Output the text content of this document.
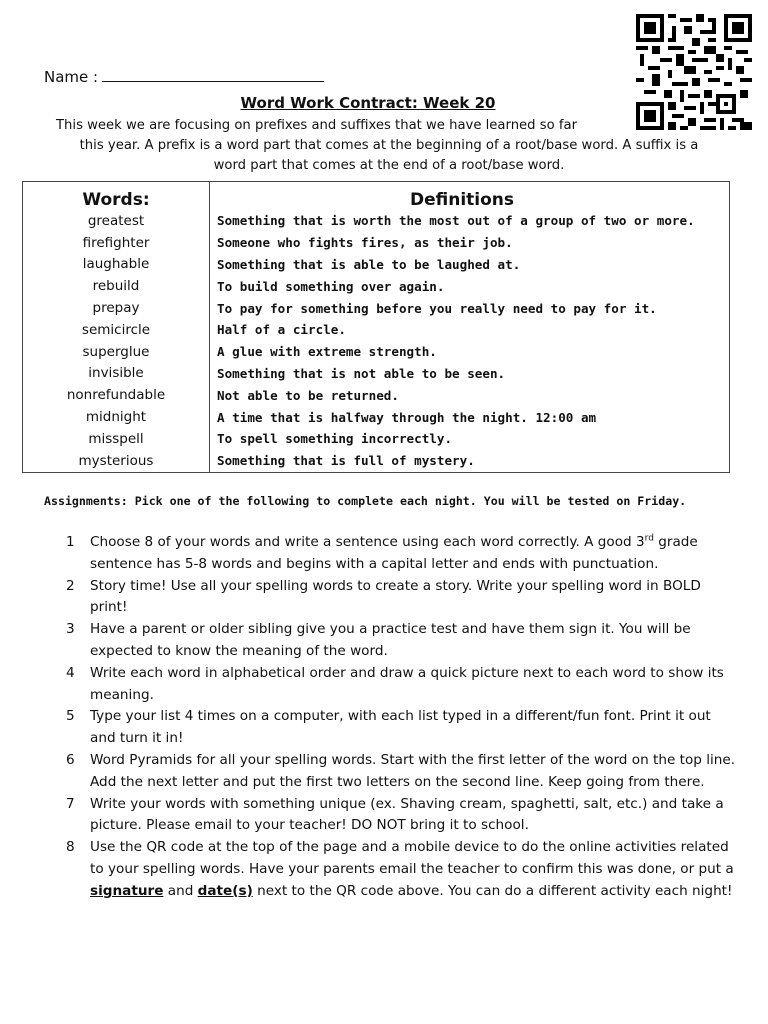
Name :
Word Work Contract: Week 20
This week we are focusing on prefixes and suffixes that we have learned so far
this year. A prefix is a word part that comes at the beginning of a root/base word. A suffix is a
word part that comes at the end of a root/base word.
Words:	Definitions
greatest	Something that is worth the most out of a group of two or more.
firefighter	Someone who fights fires, as their job.
laughable	Something that is able to be laughed at.
rebuild	To build something over again.
prepay	To pay for something before you really need to pay for it.
semicircle	Half of a circle.
superglue	A glue with extreme strength.
invisible	Something that is not able to be seen.
nonrefundable	Not able to be returned.
midnight	A time that is halfway through the night. 12:00 am
misspell	To spell something incorrectly.
mysterious	Something that is full of mystery.
Assignments: Pick one of the following to complete each night. You will be tested on Friday.
1 Choose 8 of your words and write a sentence using each word correctly. A good 3rd grade sentence has 5-8 words and begins with a capital letter and ends with punctuation.
2 Story time! Use all your spelling words to create a story. Write your spelling word in BOLD print!
3 Have a parent or older sibling give you a practice test and have them sign it. You will be expected to know the meaning of the word.
4 Write each word in alphabetical order and draw a quick picture next to each word to show its meaning.
5 Type your list 4 times on a computer, with each list typed in a different/fun font. Print it out and turn it in!
6 Word Pyramids for all your spelling words. Start with the first letter of the word on the top line. Add the next letter and put the first two letters on the second line. Keep going from there.
7 Write your words with something unique (ex. Shaving cream, spaghetti, salt, etc.) and take a picture. Please email to your teacher! DO NOT bring it to school.
8 Use the QR code at the top of the page and a mobile device to do the online activities related to your spelling words. Have your parents email the teacher to confirm this was done, or put a signature and date(s) next to the QR code above. You can do a different activity each night!
